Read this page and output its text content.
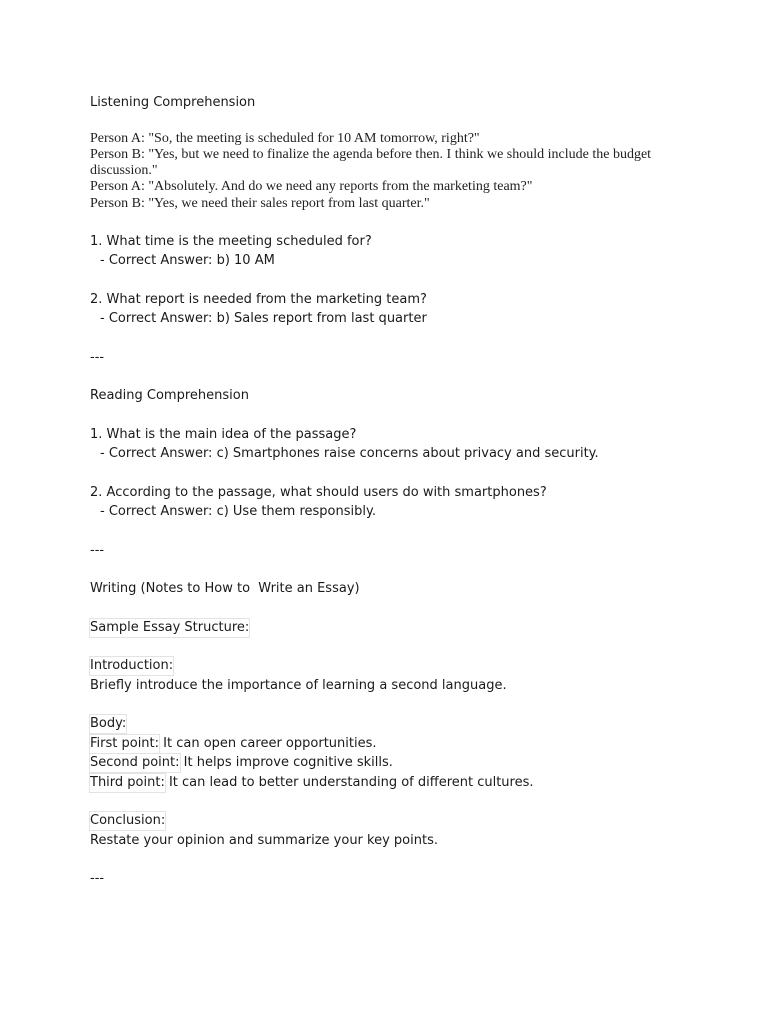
Listening Comprehension

Person A: "So, the meeting is scheduled for 10 AM tomorrow, right?"

Person B: "Yes, but we need to finalize the agenda before then. I think we should include the budget discussion."

Person A: "Absolutely. And do we need any reports from the marketing team?"

Person B: "Yes, we need their sales report from last quarter."

1. What time is the meeting scheduled for?

- Correct Answer: b) 10 AM

2. What report is needed from the marketing team?

- Correct Answer: b) Sales report from last quarter

---

Reading Comprehension

1. What is the main idea of the passage?

- Correct Answer: c) Smartphones raise concerns about privacy and security.

2. According to the passage, what should users do with smartphones?

- Correct Answer: c) Use them responsibly.

---

Writing (Notes to How to  Write an Essay)

Sample Essay Structure:

Introduction:

Briefly introduce the importance of learning a second language.

Body:

First point: It can open career opportunities.

Second point: It helps improve cognitive skills.

Third point: It can lead to better understanding of different cultures.

Conclusion:

Restate your opinion and summarize your key points.

---
